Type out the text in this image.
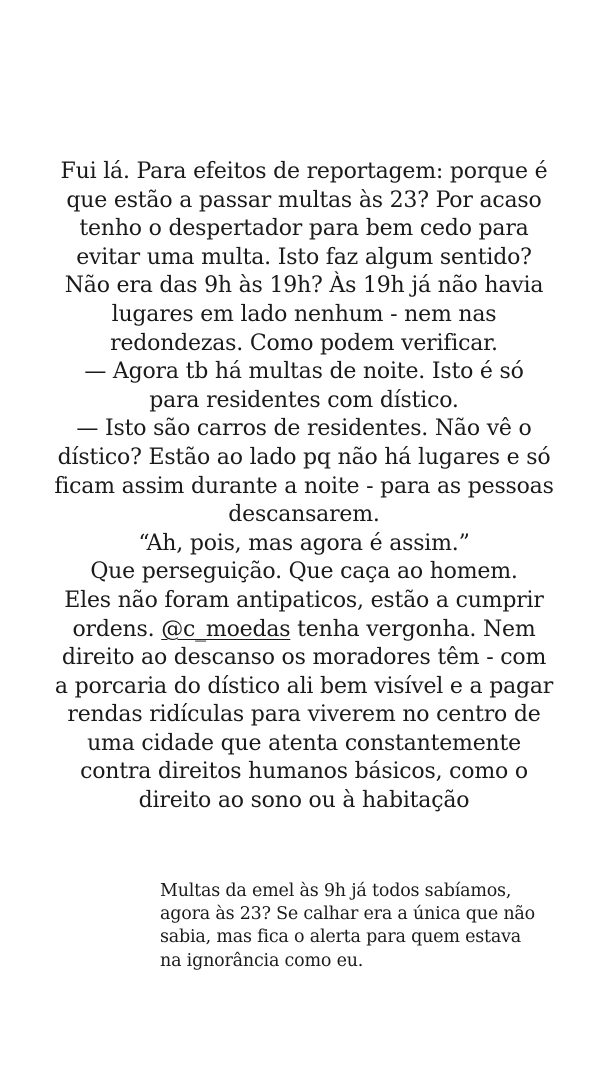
Fui lá. Para efeitos de reportagem: porque é
que estão a passar multas às 23? Por acaso
tenho o despertador para bem cedo para
evitar uma multa. Isto faz algum sentido?
Não era das 9h às 19h? Às 19h já não havia
lugares em lado nenhum - nem nas
redondezas. Como podem verificar.
— Agora tb há multas de noite. Isto é só
para residentes com dístico.
— Isto são carros de residentes. Não vê o
dístico? Estão ao lado pq não há lugares e só
ficam assim durante a noite - para as pessoas
descansarem.
“Ah, pois, mas agora é assim.”
Que perseguição. Que caça ao homem.
Eles não foram antipaticos, estão a cumprir
ordens. @c_moedas tenha vergonha. Nem
direito ao descanso os moradores têm - com
a porcaria do dístico ali bem visível e a pagar
rendas ridículas para viverem no centro de
uma cidade que atenta constantemente
contra direitos humanos básicos, como o
direito ao sono ou à habitação
Multas da emel às 9h já todos sabíamos,
agora às 23? Se calhar era a única que não
sabia, mas fica o alerta para quem estava
na ignorância como eu.
